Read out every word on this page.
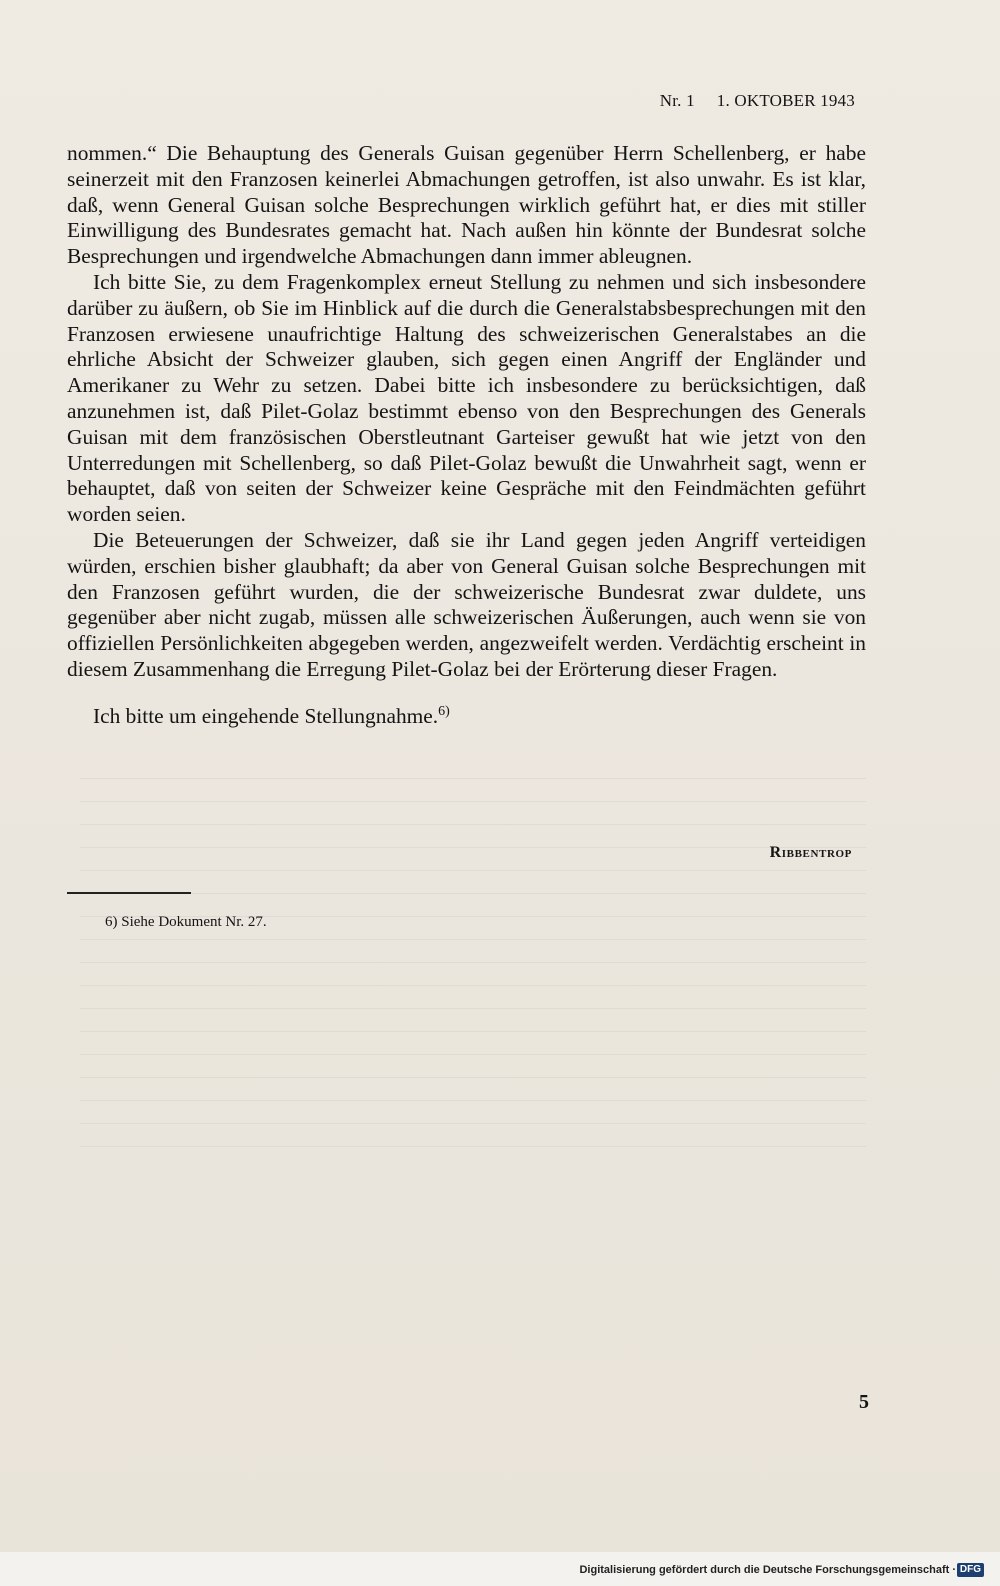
Nr. 1 1. OKTOBER 1943

nommen.“ Die Behauptung des Generals Guisan gegenüber Herrn Schellenberg, er habe seinerzeit mit den Franzosen keinerlei Abmachungen getroffen, ist also unwahr. Es ist klar, daß, wenn General Guisan solche Besprechungen wirklich geführt hat, er dies mit stiller Einwilligung des Bundesrates gemacht hat. Nach außen hin könnte der Bundesrat solche Besprechungen und irgendwelche Abmachungen dann immer ableugnen.

Ich bitte Sie, zu dem Fragenkomplex erneut Stellung zu nehmen und sich insbesondere darüber zu äußern, ob Sie im Hinblick auf die durch die Generalstabsbesprechungen mit den Franzosen erwiesene unaufrichtige Haltung des schweizerischen Generalstabes an die ehrliche Absicht der Schweizer glauben, sich gegen einen Angriff der Engländer und Amerikaner zu Wehr zu setzen. Dabei bitte ich insbesondere zu berücksichtigen, daß anzunehmen ist, daß Pilet-Golaz bestimmt ebenso von den Besprechungen des Generals Guisan mit dem französischen Oberstleutnant Garteiser gewußt hat wie jetzt von den Unterredungen mit Schellenberg, so daß Pilet-Golaz bewußt die Unwahrheit sagt, wenn er behauptet, daß von seiten der Schweizer keine Gespräche mit den Feindmächten geführt worden seien.

Die Beteuerungen der Schweizer, daß sie ihr Land gegen jeden Angriff verteidigen würden, erschien bisher glaubhaft; da aber von General Guisan solche Besprechungen mit den Franzosen geführt wurden, die der schweizerische Bundesrat zwar duldete, uns gegenüber aber nicht zugab, müssen alle schweizerischen Äußerungen, auch wenn sie von offiziellen Persönlichkeiten abgegeben werden, angezweifelt werden. Verdächtig erscheint in diesem Zusammenhang die Erregung Pilet-Golaz bei der Erörterung dieser Fragen.

Ich bitte um eingehende Stellungnahme.$^{6)}$

Ribbentrop
6) Siehe Dokument Nr. 27.
5
Digitalisierung gefördert durch die Deutsche Forschungsgemeinschaft · DFG
